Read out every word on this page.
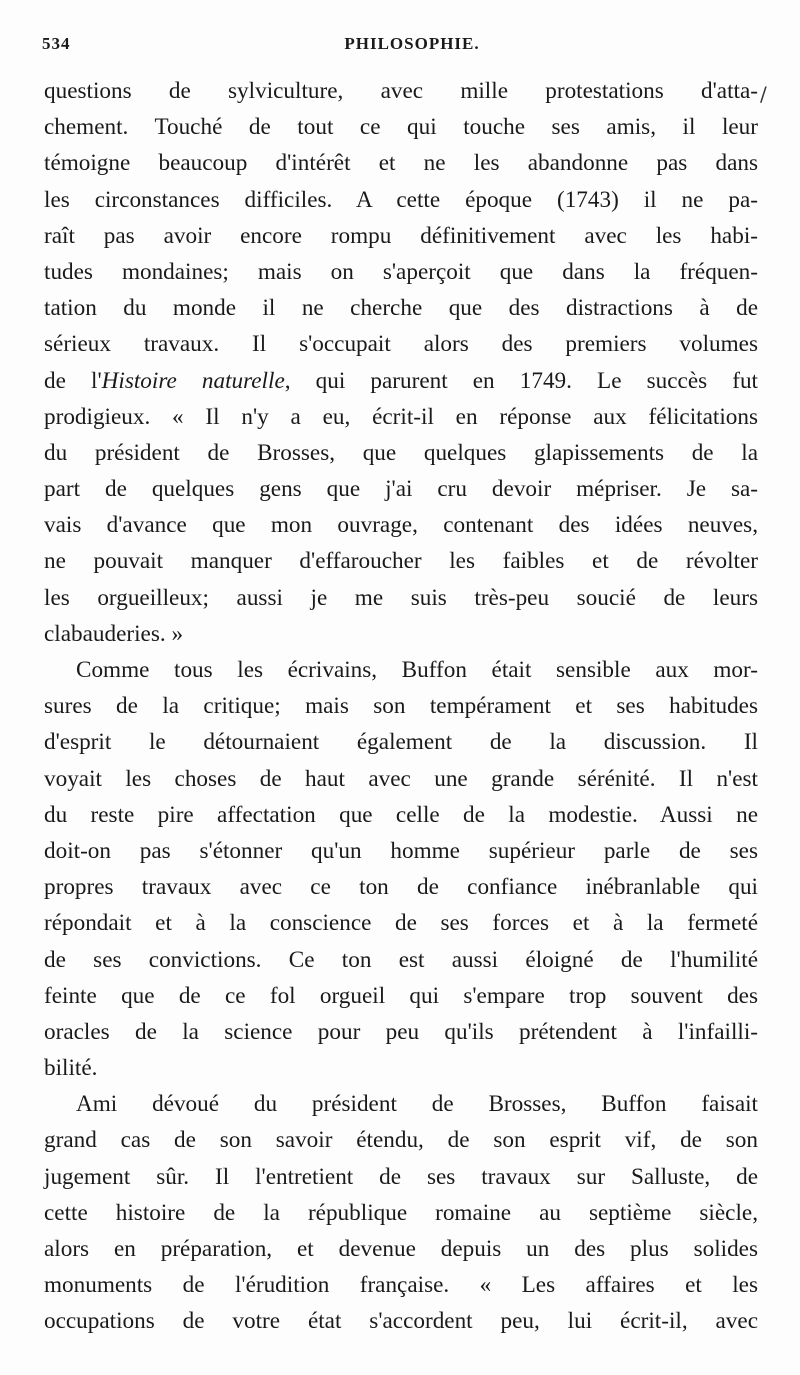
534	PHILOSOPHIE.
/
questions de sylviculture, avec mille protestations d'atta-
chement. Touché de tout ce qui touche ses amis, il leur
témoigne beaucoup d'intérêt et ne les abandonne pas dans
les circonstances difficiles. A cette époque (1743) il ne pa-
raît pas avoir encore rompu définitivement avec les habi-
tudes mondaines; mais on s'aperçoit que dans la fréquen-
tation du monde il ne cherche que des distractions à de
sérieux travaux. Il s'occupait alors des premiers volumes
de l'Histoire naturelle, qui parurent en 1749. Le succès fut
prodigieux. « Il n'y a eu, écrit-il en réponse aux félicitations
du président de Brosses, que quelques glapissements de la
part de quelques gens que j'ai cru devoir mépriser. Je sa-
vais d'avance que mon ouvrage, contenant des idées neuves,
ne pouvait manquer d'effaroucher les faibles et de révolter
les orgueilleux; aussi je me suis très-peu soucié de leurs
clabauderies. »
Comme tous les écrivains, Buffon était sensible aux mor-
sures de la critique; mais son tempérament et ses habitudes
d'esprit le détournaient également de la discussion. Il
voyait les choses de haut avec une grande sérénité. Il n'est
du reste pire affectation que celle de la modestie. Aussi ne
doit-on pas s'étonner qu'un homme supérieur parle de ses
propres travaux avec ce ton de confiance inébranlable qui
répondait et à la conscience de ses forces et à la fermeté
de ses convictions. Ce ton est aussi éloigné de l'humilité
feinte que de ce fol orgueil qui s'empare trop souvent des
oracles de la science pour peu qu'ils prétendent à l'infailli-
bilité.
Ami dévoué du président de Brosses, Buffon faisait
grand cas de son savoir étendu, de son esprit vif, de son
jugement sûr. Il l'entretient de ses travaux sur Salluste, de
cette histoire de la république romaine au septième siècle,
alors en préparation, et devenue depuis un des plus solides
monuments de l'érudition française. « Les affaires et les
occupations de votre état s'accordent peu, lui écrit-il, avec
